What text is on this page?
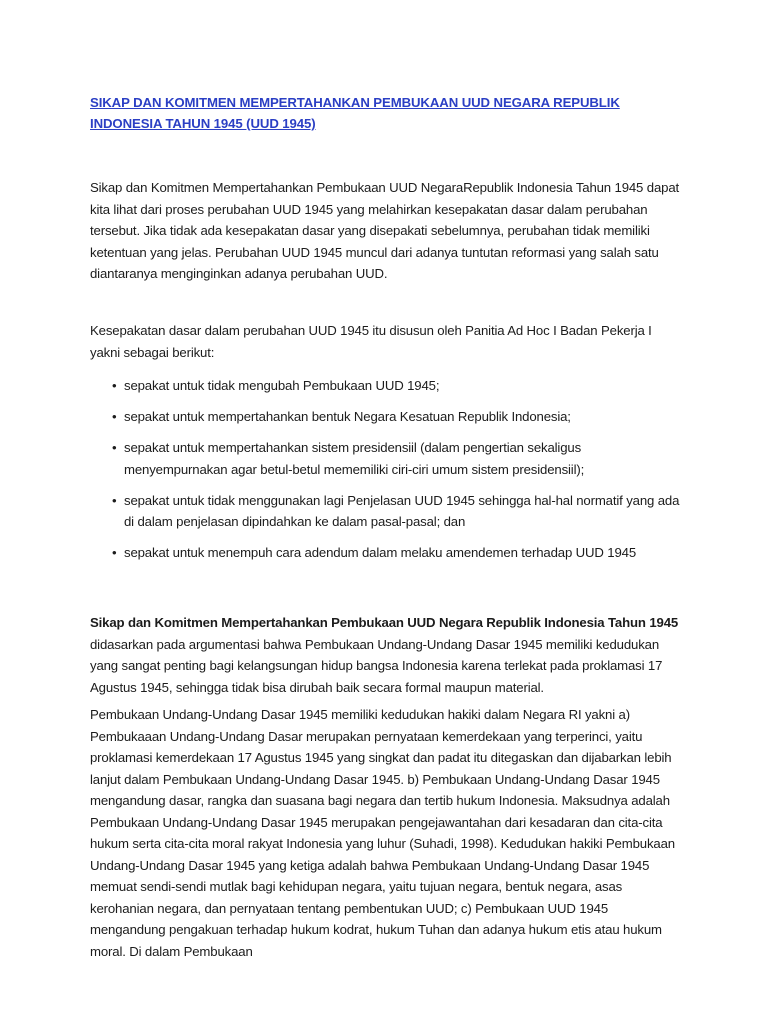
SIKAP DAN KOMITMEN MEMPERTAHANKAN PEMBUKAAN UUD NEGARA REPUBLIK INDONESIA TAHUN 1945 (UUD 1945)

Sikap dan Komitmen Mempertahankan Pembukaan UUD NegaraRepublik Indonesia Tahun 1945 dapat kita lihat dari proses perubahan UUD 1945 yang melahirkan kesepakatan dasar dalam perubahan tersebut. Jika tidak ada kesepakatan dasar yang disepakati sebelumnya, perubahan tidak memiliki ketentuan yang jelas. Perubahan UUD 1945 muncul dari adanya tuntutan reformasi yang salah satu diantaranya menginginkan adanya perubahan UUD.

Kesepakatan dasar dalam perubahan UUD 1945 itu disusun oleh Panitia Ad Hoc I Badan Pekerja I yakni sebagai berikut:

• sepakat untuk tidak mengubah Pembukaan UUD 1945;
• sepakat untuk mempertahankan bentuk Negara Kesatuan Republik Indonesia;
• sepakat untuk mempertahankan sistem presidensiil (dalam pengertian sekaligus menyempurnakan agar betul-betul mememiliki ciri-ciri umum sistem presidensiil);
• sepakat untuk tidak menggunakan lagi Penjelasan UUD 1945 sehingga hal-hal normatif yang ada di dalam penjelasan dipindahkan ke dalam pasal-pasal; dan
• sepakat untuk menempuh cara adendum dalam melaku amendemen terhadap UUD 1945

Sikap dan Komitmen Mempertahankan Pembukaan UUD Negara Republik Indonesia Tahun 1945 didasarkan pada argumentasi bahwa Pembukaan Undang-Undang Dasar 1945 memiliki kedudukan yang sangat penting bagi kelangsungan hidup bangsa Indonesia karena terlekat pada proklamasi 17 Agustus 1945, sehingga tidak bisa dirubah baik secara formal maupun material.

Pembukaan Undang-Undang Dasar 1945 memiliki kedudukan hakiki dalam Negara RI yakni a) Pembukaaan Undang-Undang Dasar merupakan pernyataan kemerdekaan yang terperinci, yaitu proklamasi kemerdekaan 17 Agustus 1945 yang singkat dan padat itu ditegaskan dan dijabarkan lebih lanjut dalam Pembukaan Undang-Undang Dasar 1945. b) Pembukaan Undang-Undang Dasar 1945 mengandung dasar, rangka dan suasana bagi negara dan tertib hukum Indonesia. Maksudnya adalah Pembukaan Undang-Undang Dasar 1945 merupakan pengejawantahan dari kesadaran dan cita-cita hukum serta cita-cita moral rakyat Indonesia yang luhur (Suhadi, 1998). Kedudukan hakiki Pembukaan Undang-Undang Dasar 1945 yang ketiga adalah bahwa Pembukaan Undang-Undang Dasar 1945 memuat sendi-sendi mutlak bagi kehidupan negara, yaitu tujuan negara, bentuk negara, asas kerohanian negara, dan pernyataan tentang pembentukan UUD; c) Pembukaan UUD 1945 mengandung pengakuan terhadap hukum kodrat, hukum Tuhan dan adanya hukum etis atau hukum moral. Di dalam Pembukaan
